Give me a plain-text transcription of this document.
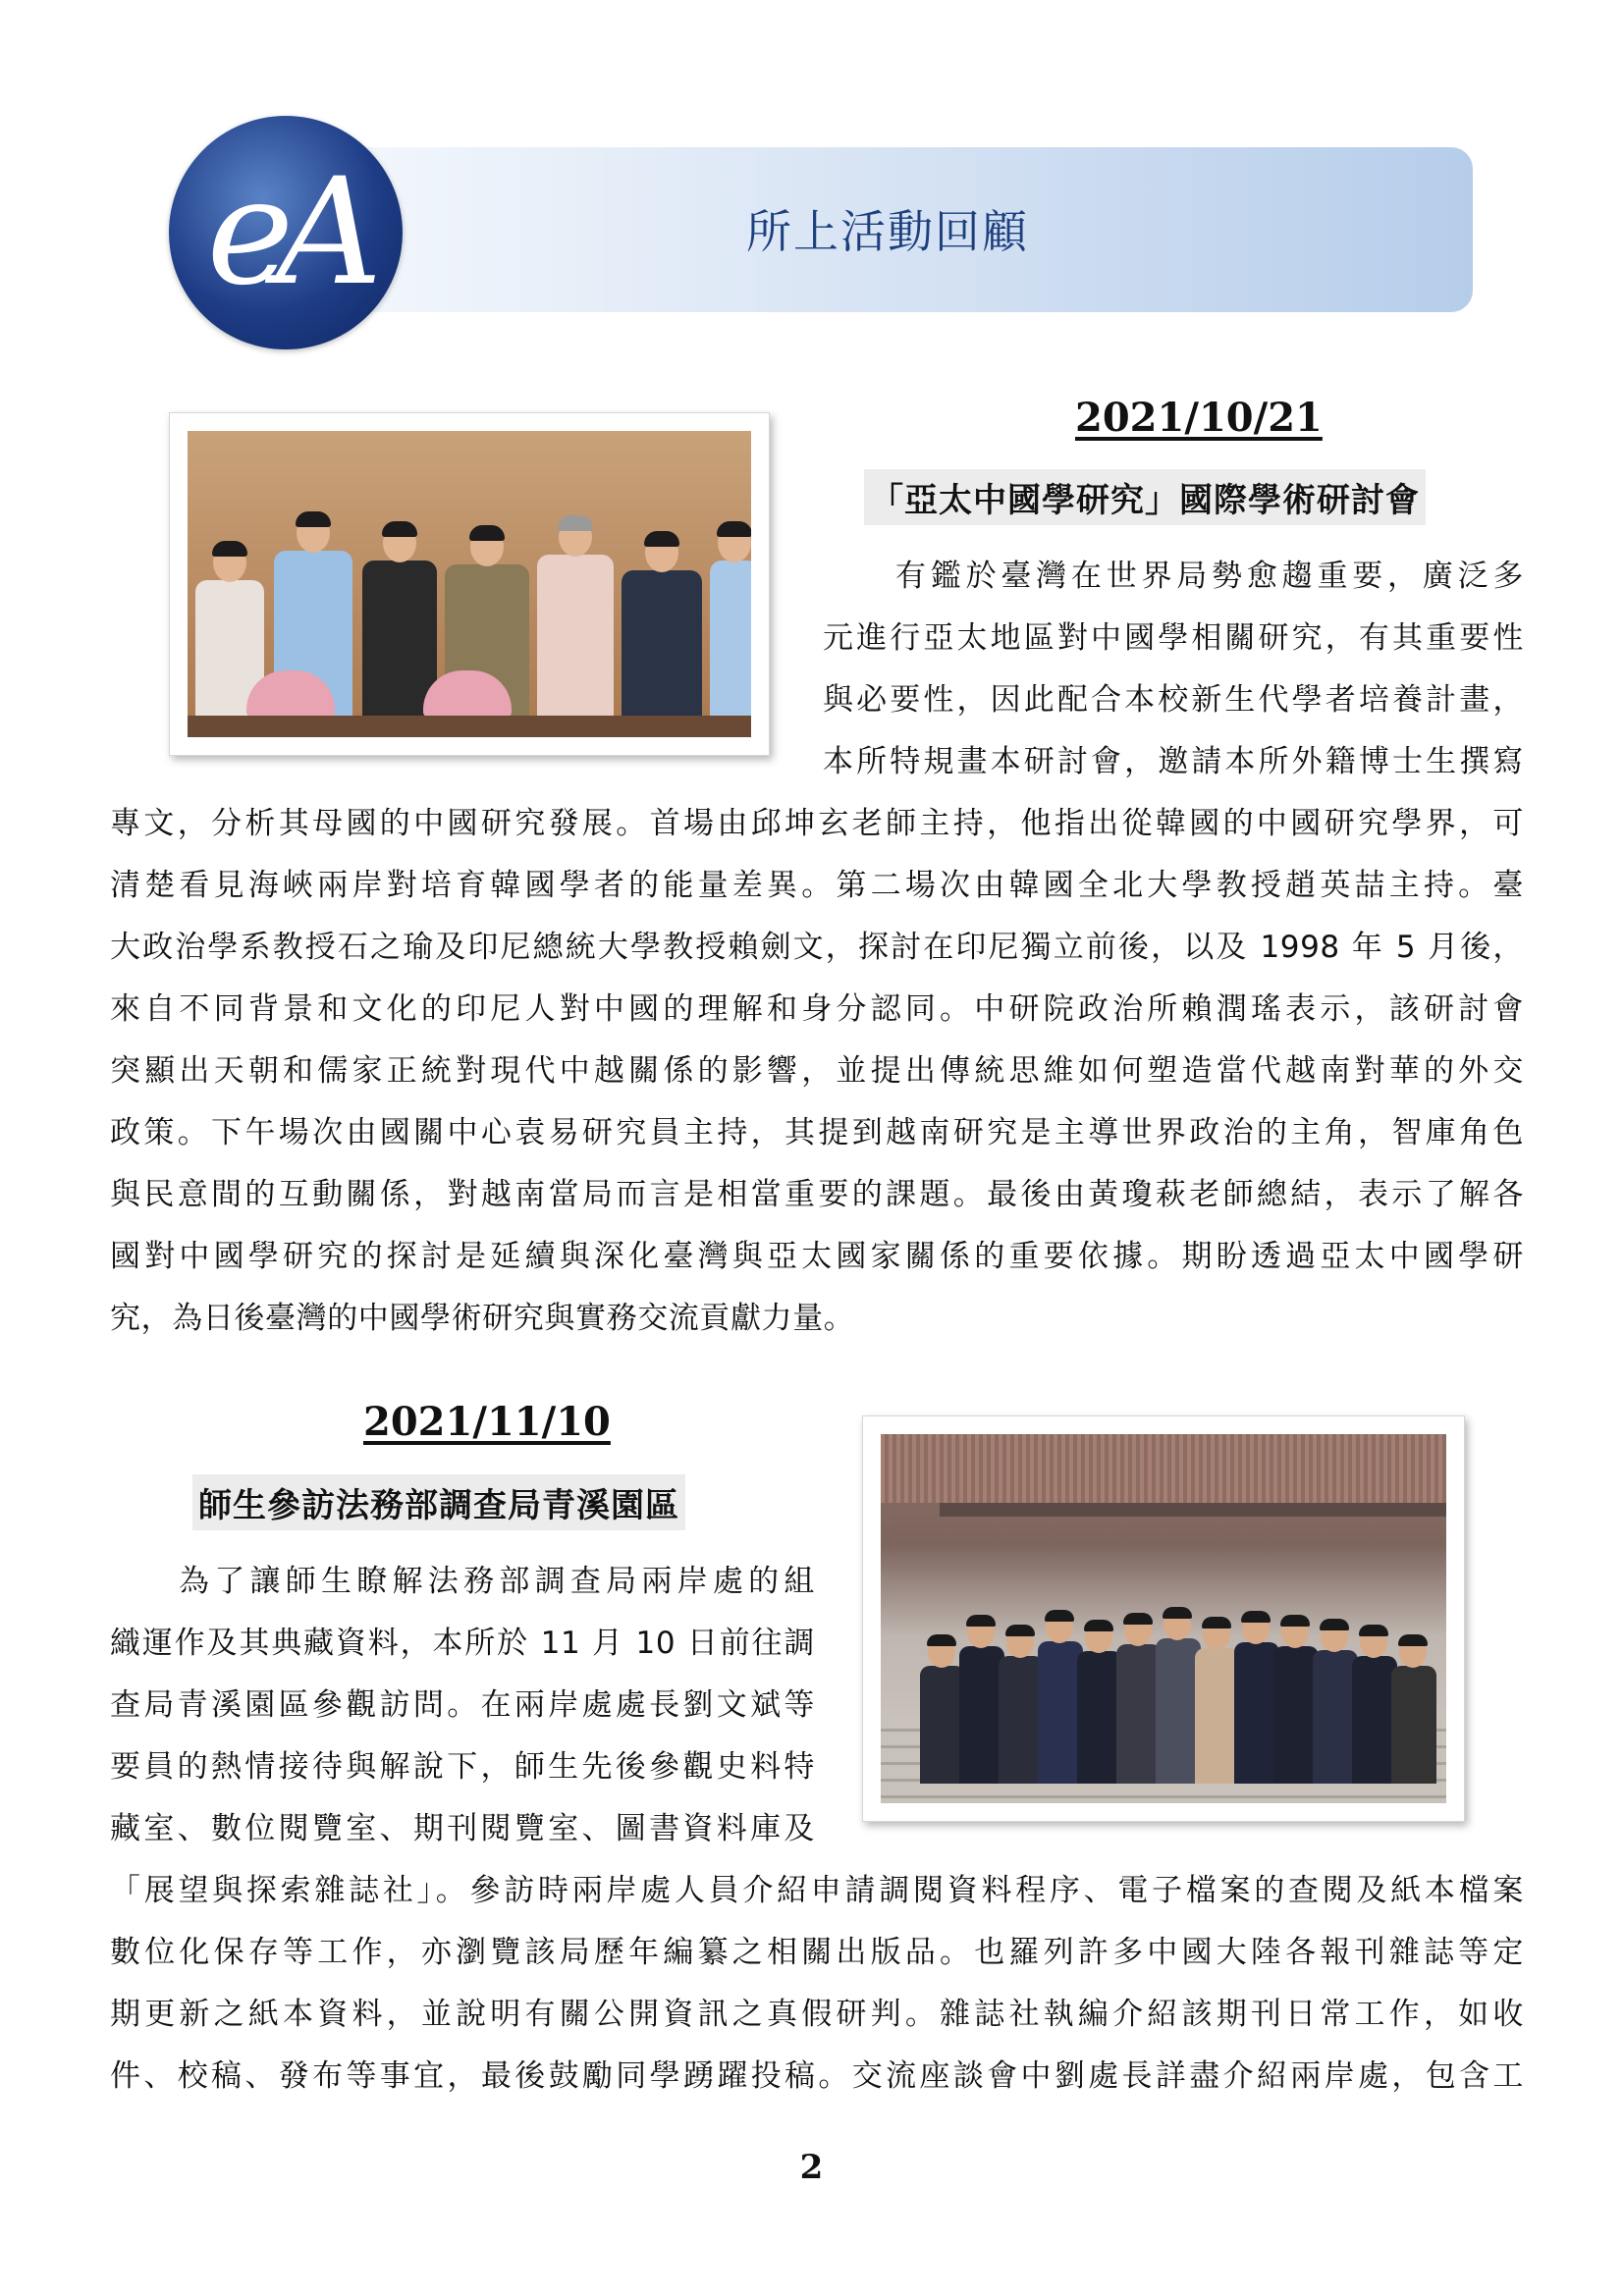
所上活動回顧
eA
2021/10/21
「亞太中國學研究」國際學術研討會
有鑑於臺灣在世界局勢愈趨重要，廣泛多
元進行亞太地區對中國學相關研究，有其重要性
與必要性，因此配合本校新生代學者培養計畫，
本所特規畫本研討會，邀請本所外籍博士生撰寫
專文，分析其母國的中國研究發展。首場由邱坤玄老師主持，他指出從韓國的中國研究學界，可
清楚看見海峽兩岸對培育韓國學者的能量差異。第二場次由韓國全北大學教授趙英喆主持。臺
大政治學系教授石之瑜及印尼總統大學教授賴劍文，探討在印尼獨立前後，以及 1998 年 5 月後，
來自不同背景和文化的印尼人對中國的理解和身分認同。中研院政治所賴潤瑤表示，該研討會
突顯出天朝和儒家正統對現代中越關係的影響，並提出傳統思維如何塑造當代越南對華的外交
政策。下午場次由國關中心袁易研究員主持，其提到越南研究是主導世界政治的主角，智庫角色
與民意間的互動關係，對越南當局而言是相當重要的課題。最後由黃瓊萩老師總結，表示了解各
國對中國學研究的探討是延續與深化臺灣與亞太國家關係的重要依據。期盼透過亞太中國學研
究，為日後臺灣的中國學術研究與實務交流貢獻力量。
2021/11/10
師生參訪法務部調查局青溪園區
為了讓師生瞭解法務部調查局兩岸處的組
織運作及其典藏資料，本所於 11 月 10 日前往調
查局青溪園區參觀訪問。在兩岸處處長劉文斌等
要員的熱情接待與解說下，師生先後參觀史料特
藏室、數位閱覽室、期刊閱覽室、圖書資料庫及
「展望與探索雜誌社」。參訪時兩岸處人員介紹申請調閱資料程序、電子檔案的查閱及紙本檔案
數位化保存等工作，亦瀏覽該局歷年編纂之相關出版品。也羅列許多中國大陸各報刊雜誌等定
期更新之紙本資料，並說明有關公開資訊之真假研判。雜誌社執編介紹該期刊日常工作，如收
件、校稿、發布等事宜，最後鼓勵同學踴躍投稿。交流座談會中劉處長詳盡介紹兩岸處，包含工
2
